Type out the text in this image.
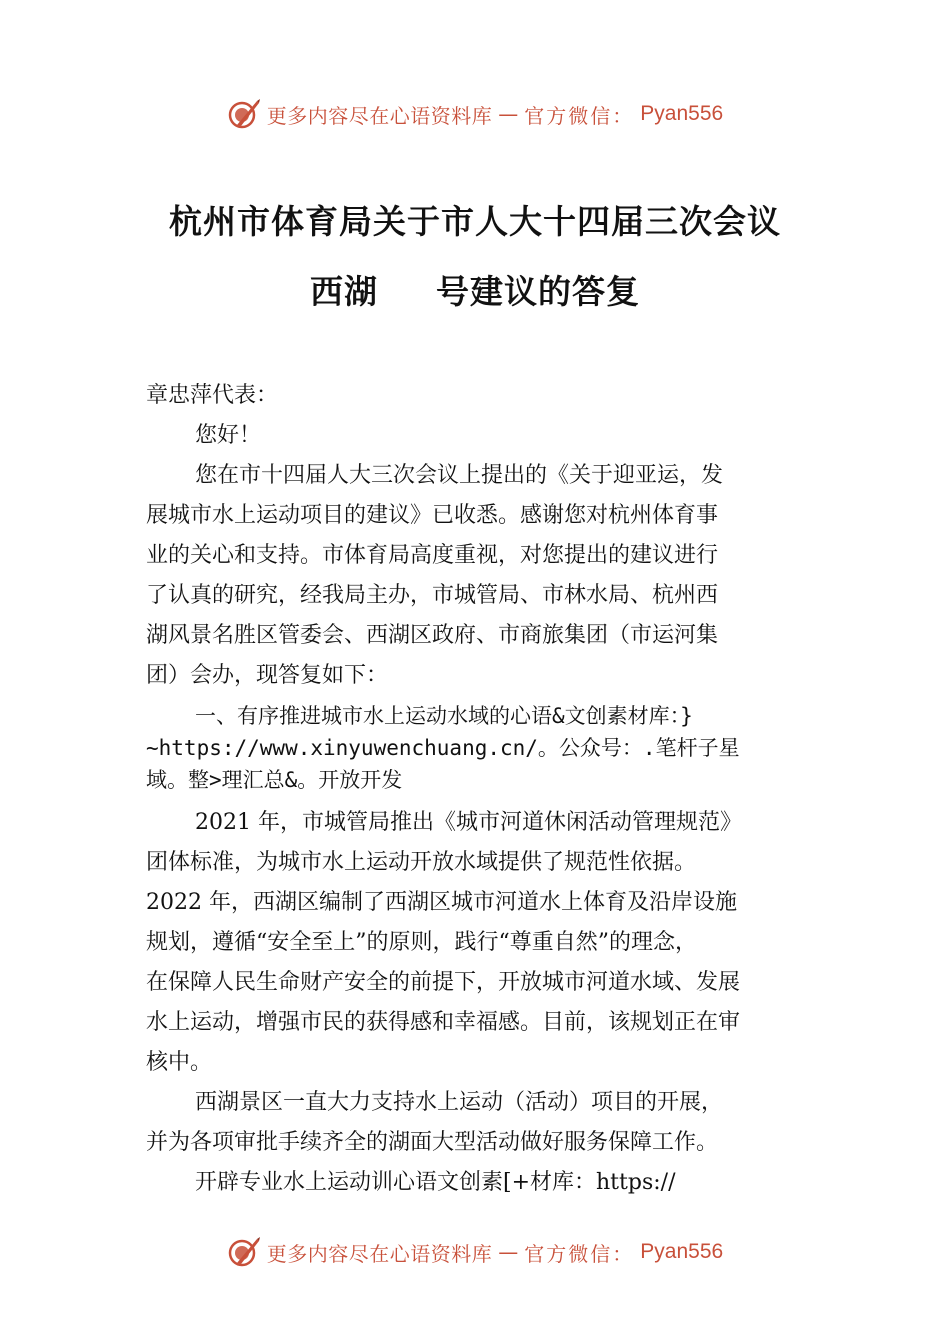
更多内容尽在心语资料库 — 官方微信： Pyan556
杭州市体育局关于市人大十四届三次会议
西湖 号建议的答复
章忠萍代表：
您好！
您在市十四届人大三次会议上提出的《关于迎亚运，发
展城市水上运动项目的建议》已收悉。感谢您对杭州体育事
业的关心和支持。市体育局高度重视，对您提出的建议进行
了认真的研究，经我局主办，市城管局、市林水局、杭州西
湖风景名胜区管委会、西湖区政府、市商旅集团（市运河集
团）会办，现答复如下：
一、有序推进城市水上运动水域的心语&文创素材库：}
~https://www.xinyuwenchuang.cn/。公众号：.笔杆子星
域。整>理汇总&。开放开发
2021 年，市城管局推出《城市河道休闲活动管理规范》
团体标准，为城市水上运动开放水域提供了规范性依据。
2022 年，西湖区编制了西湖区城市河道水上体育及沿岸设施
规划，遵循“安全至上”的原则，践行“尊重自然”的理念，
在保障人民生命财产安全的前提下，开放城市河道水域、发展
水上运动，增强市民的获得感和幸福感。目前，该规划正在审
核中。
西湖景区一直大力支持水上运动（活动）项目的开展，
并为各项审批手续齐全的湖面大型活动做好服务保障工作。
开辟专业水上运动训心语文创素[+材库：https://
更多内容尽在心语资料库 — 官方微信： Pyan556
